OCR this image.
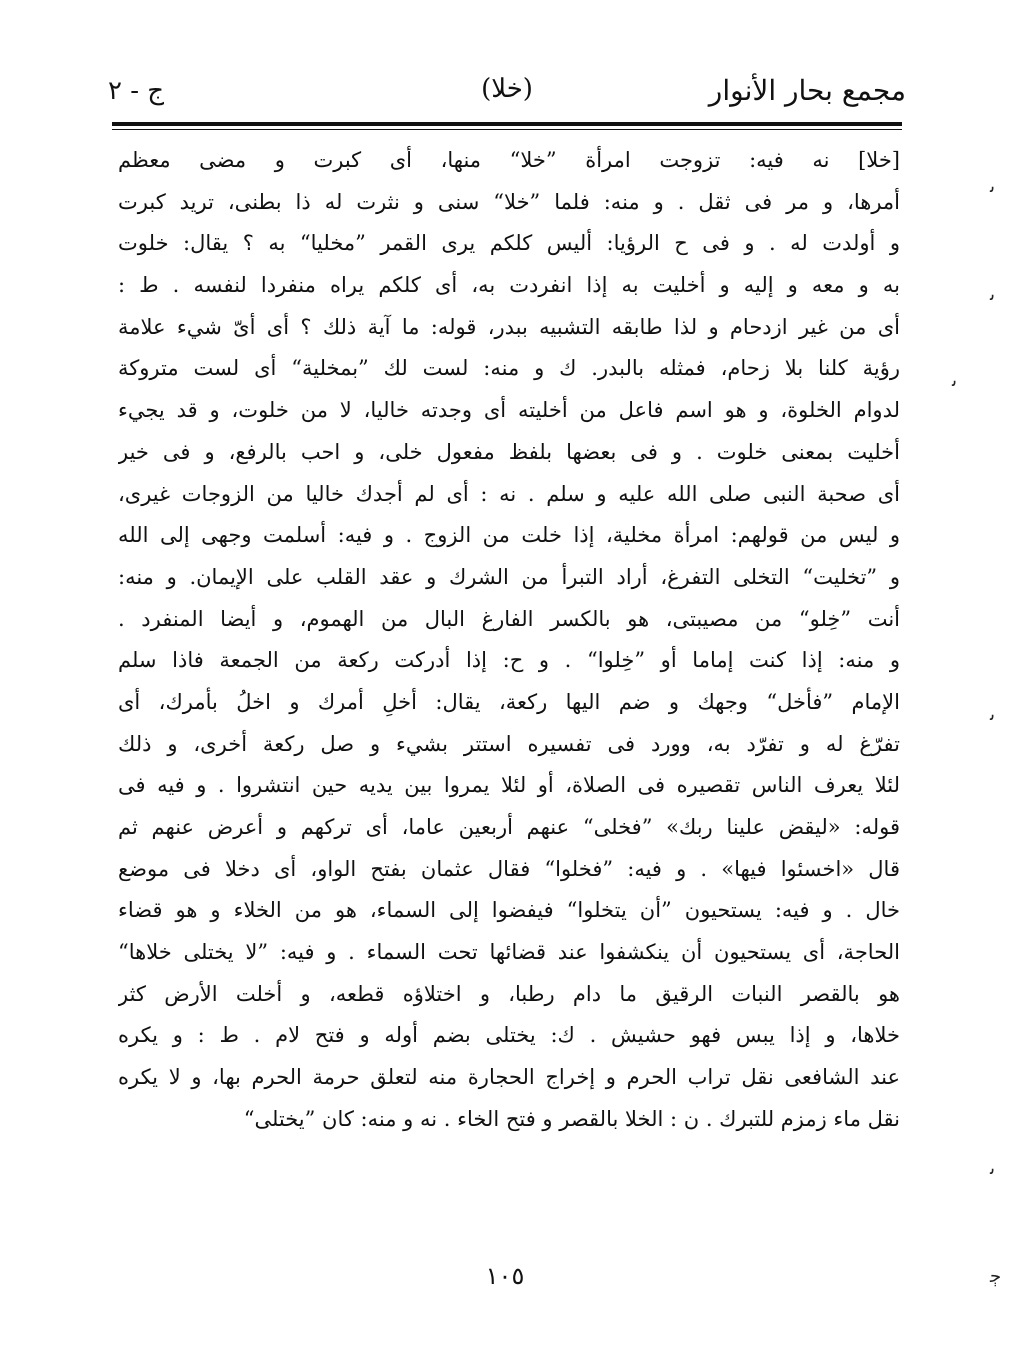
مجمع بحار الأنوار
(خلا)
ج - ٢
[خلا] نه فيه: تزوجت امرأة ”خلا“ منها، أى كبرت و مضى معظم
أمرها، و مر فى ثقل . و منه: فلما ”خلا“ سنى و نثرت له ذا بطنى، تريد كبرت
و أولدت له . و فى ح الرؤيا: أليس كلكم يرى القمر ”مخليا“ به ؟ يقال: خلوت
به و معه و إليه و أخليت به إذا انفردت به، أى كلكم يراه منفردا لنفسه . ط :
أى من غير ازدحام و لذا طابقه التشبيه ببدر، قوله: ما آية ذلك ؟ أى أىّ شيء علامة
رؤية كلنا بلا زحام، فمثله بالبدر. ك و منه: لست لك ”بمخلية“ أى لست متروكة
لدوام الخلوة، و هو اسم فاعل من أخليته أى وجدته خاليا، لا من خلوت، و قد يجيء
أخليت بمعنى خلوت . و فى بعضها بلفظ مفعول خلى، و احب بالرفع، و فى خير
أى صحبة النبى صلى الله عليه و سلم . نه : أى لم أجدك خاليا من الزوجات غيرى،
و ليس من قولهم: امرأة مخلية، إذا خلت من الزوج . و فيه: أسلمت وجهى إلى الله
و ”تخليت“ التخلى التفرغ، أراد التبرأ من الشرك و عقد القلب على الإيمان. و منه:
أنت ”خِلو“ من مصيبتى، هو بالكسر الفارغ البال من الهموم، و أيضا المنفرد .
و منه: إذا كنت إماما أو ”خِلوا“ . و ح: إذا أدركت ركعة من الجمعة فاذا سلم
الإمام ”فأخل“ وجهك و ضم اليها ركعة، يقال: أخلِ أمرك و اخلُ بأمرك، أى
تفرّغ له و تفرّد به، وورد فى تفسيره استتر بشيء و صل ركعة أخرى، و ذلك
لئلا يعرف الناس تقصيره فى الصلاة، أو لئلا يمروا بين يديه حين انتشروا . و فيه فى
قوله: «ليقض علينا ربك» ”فخلى“ عنهم أربعين عاما، أى تركهم و أعرض عنهم ثم
قال «اخسئوا فيها» . و فيه: ”فخلوا“ فقال عثمان بفتح الواو، أى دخلا فى موضع
خال . و فيه: يستحيون ”أن يتخلوا“ فيفضوا إلى السماء، هو من الخلاء و هو قضاء
الحاجة، أى يستحيون أن ينكشفوا عند قضائها تحت السماء . و فيه: ”لا يختلى خلاها“
هو بالقصر النبات الرقيق ما دام رطبا، و اختلاؤه قطعه، و أخلت الأرض كثر
خلاها، و إذا يبس فهو حشيش . ك: يختلى بضم أوله و فتح لام . ط : و يكره
عند الشافعى نقل تراب الحرم و إخراج الحجارة منه لتعلق حرمة الحرم بها، و لا يكره
نقل ماء زمزم للتبرك . ن : الخلا بالقصر و فتح الخاء . نه و منه: كان ”يختلى“
١٠٥
ﯨ
ﯨ
ﯨ
ﯨ
ﭴ
ﯨ
